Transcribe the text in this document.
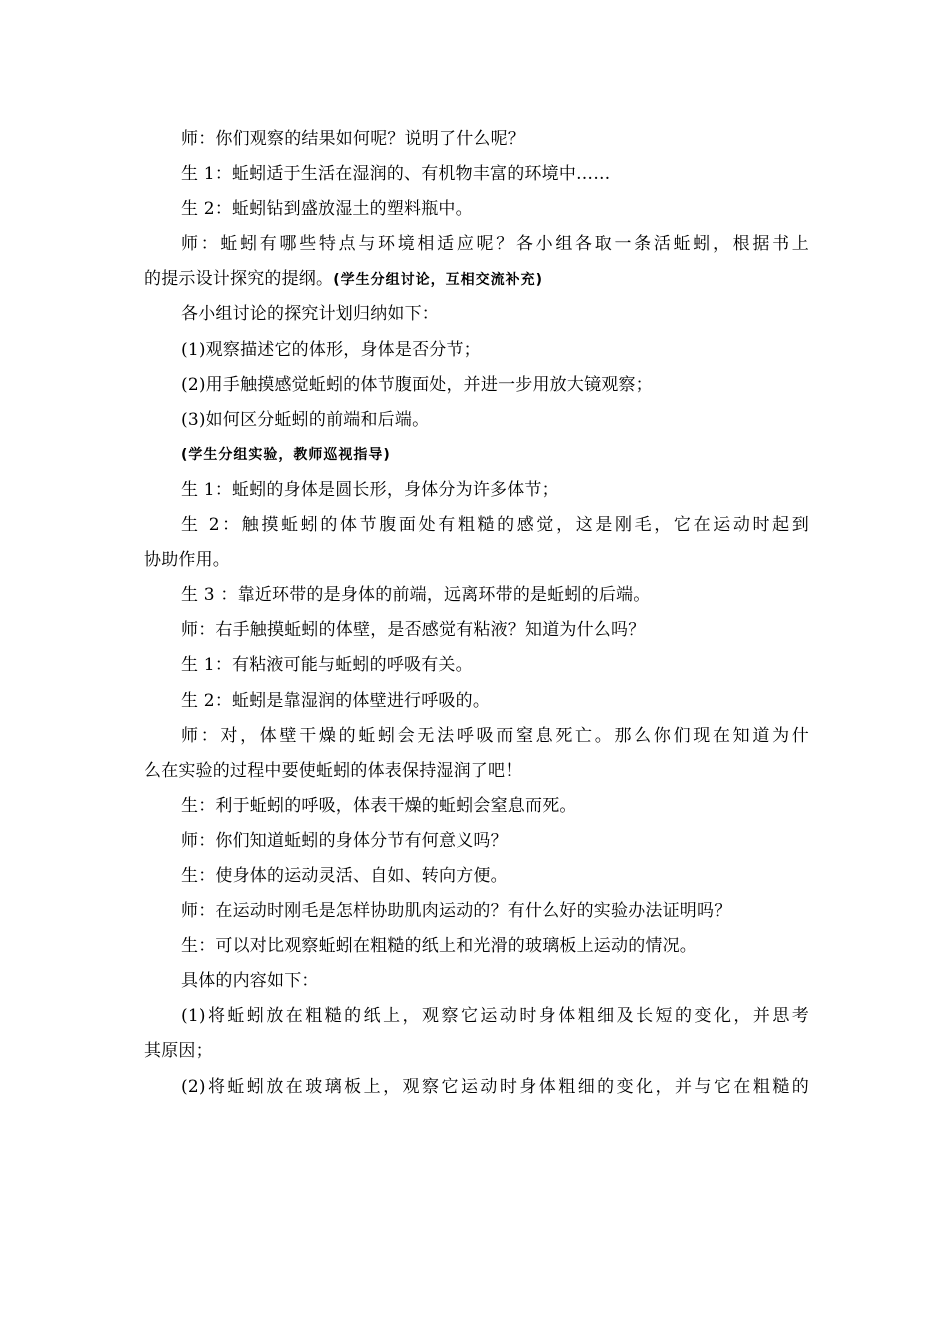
师：你们观察的结果如何呢？说明了什么呢？
生 1：蚯蚓适于生活在湿润的、有机物丰富的环境中……
生 2：蚯蚓钻到盛放湿土的塑料瓶中。
师：蚯蚓有哪些特点与环境相适应呢？各小组各取一条活蚯蚓，根据书上
的提示设计探究的提纲。(学生分组讨论，互相交流补充)
各小组讨论的探究计划归纳如下：
(1)观察描述它的体形，身体是否分节；
(2)用手触摸感觉蚯蚓的体节腹面处，并进一步用放大镜观察；
(3)如何区分蚯蚓的前端和后端。
(学生分组实验，教师巡视指导)
生 1：蚯蚓的身体是圆长形，身体分为许多体节；
生 2：触摸蚯蚓的体节腹面处有粗糙的感觉，这是刚毛，它在运动时起到
协助作用。
生 3 ：靠近环带的是身体的前端，远离环带的是蚯蚓的后端。
师：右手触摸蚯蚓的体壁，是否感觉有粘液？知道为什么吗？
生 1：有粘液可能与蚯蚓的呼吸有关。
生 2：蚯蚓是靠湿润的体壁进行呼吸的。
师：对，体壁干燥的蚯蚓会无法呼吸而窒息死亡。那么你们现在知道为什
么在实验的过程中要使蚯蚓的体表保持湿润了吧！
生：利于蚯蚓的呼吸，体表干燥的蚯蚓会窒息而死。
师：你们知道蚯蚓的身体分节有何意义吗？
生：使身体的运动灵活、自如、转向方便。
师：在运动时刚毛是怎样协助肌肉运动的？有什么好的实验办法证明吗？
生：可以对比观察蚯蚓在粗糙的纸上和光滑的玻璃板上运动的情况。
具体的内容如下：
(1)将蚯蚓放在粗糙的纸上，观察它运动时身体粗细及长短的变化，并思考
其原因；
(2)将蚯蚓放在玻璃板上，观察它运动时身体粗细的变化，并与它在粗糙的
